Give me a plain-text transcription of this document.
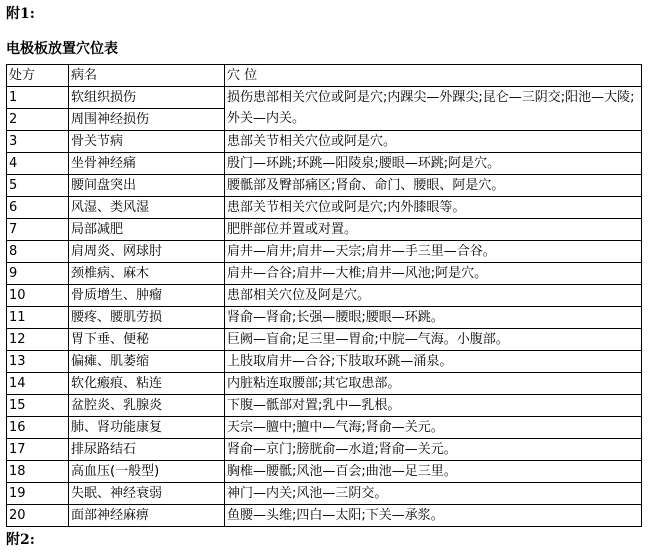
附1:
电极板放置穴位表
处方	病名	穴 位
1	软组织损伤	损伤患部相关穴位或阿是穴;内踝尖—外踝尖;昆仑—三阴交;阳池—大陵;外关—内关。
2	周围神经损伤	
3	骨关节病	患部关节相关穴位或阿是穴。
4	坐骨神经痛	殷门—环跳;环跳—阳陵泉;腰眼—环跳;阿是穴。
5	腰间盘突出	腰骶部及臀部痛区;肾俞、命门、腰眼、阿是穴。
6	风湿、类风湿	患部关节相关穴位或阿是穴;内外膝眼等。
7	局部减肥	肥胖部位并置或对置。
8	肩周炎、网球肘	肩井—肩井;肩井—天宗;肩井—手三里—合谷。
9	颈椎病、麻木	肩井—合谷;肩井—大椎;肩井—风池;阿是穴。
10	骨质增生、肿瘤	患部相关穴位及阿是穴。
11	腰疼、腰肌劳损	肾俞—肾俞;长强—腰眼;腰眼—环跳。
12	胃下垂、便秘	巨阙—盲俞;足三里—胃俞;中脘—气海。小腹部。
13	偏瘫、肌萎缩	上肢取肩井—合谷;下肢取环跳—涌泉。
14	软化瘢痕、粘连	内脏粘连取腰部;其它取患部。
15	盆腔炎、乳腺炎	下腹—骶部对置;乳中—乳根。
16	肺、肾功能康复	天宗—膻中;膻中—气海;肾俞—关元。
17	排尿路结石	肾俞—京门;膀胱俞—水道;肾俞—关元。
18	高血压(一般型)	胸椎—腰骶;风池—百会;曲池—足三里。
19	失眠、神经衰弱	神门—内关;风池—三阴交。
20	面部神经麻痹	鱼腰—头维;四白—太阳;下关—承浆。
附2:
